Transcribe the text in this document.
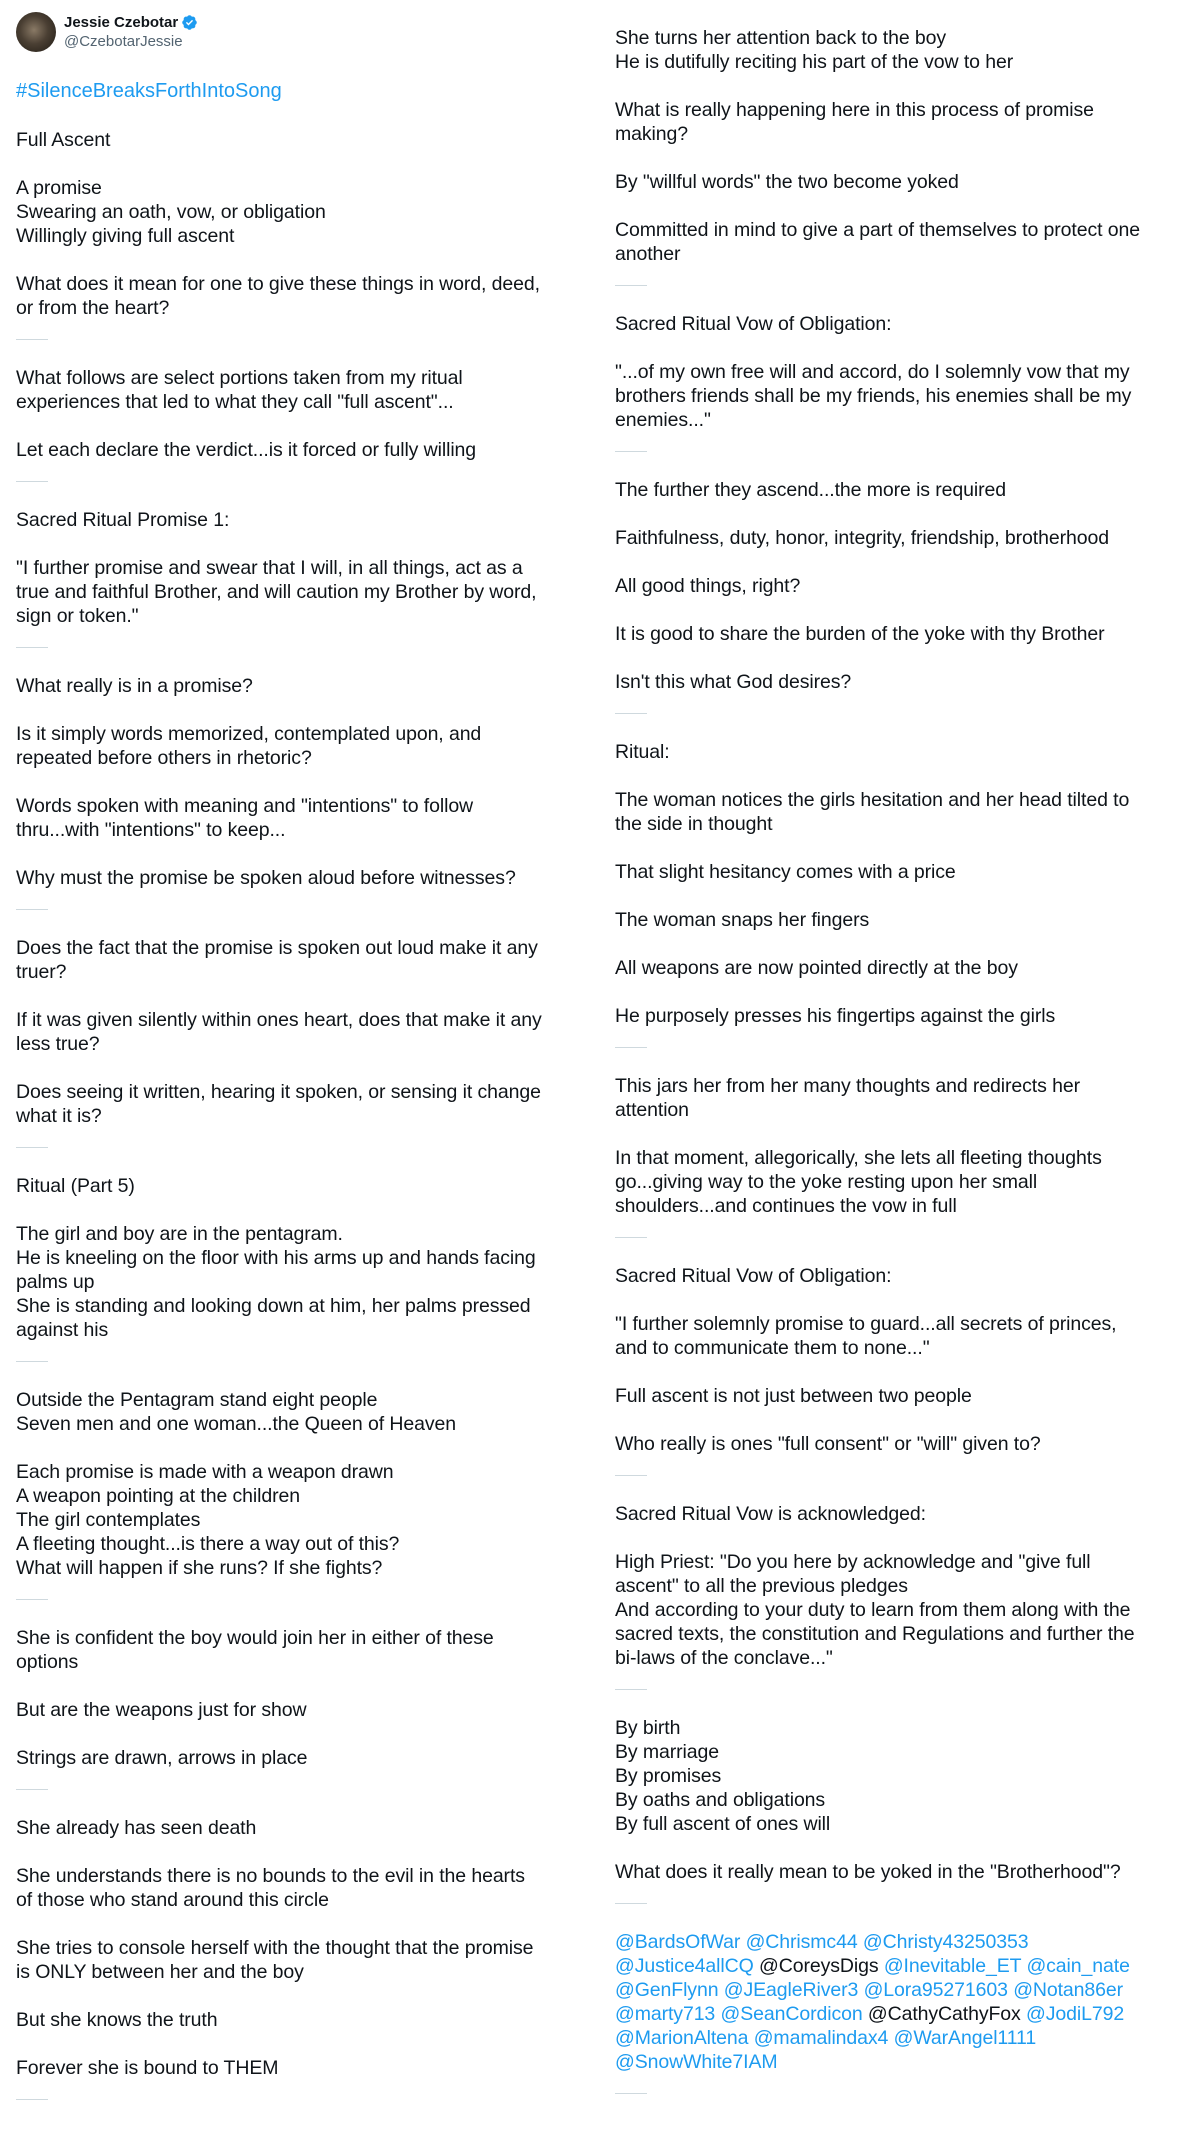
Jessie Czebotar
@CzebotarJessie
#SilenceBreaksForthIntoSong
Full Ascent
A promise
Swearing an oath, vow, or obligation
Willingly giving full ascent
What does it mean for one to give these things in word, deed,
or from the heart?
What follows are select portions taken from my ritual
experiences that led to what they call "full ascent"...
Let each declare the verdict...is it forced or fully willing
Sacred Ritual Promise 1:
"I further promise and swear that I will, in all things, act as a
true and faithful Brother, and will caution my Brother by word,
sign or token."
What really is in a promise?
Is it simply words memorized, contemplated upon, and
repeated before others in rhetoric?
Words spoken with meaning and "intentions" to follow
thru...with "intentions" to keep...
Why must the promise be spoken aloud before witnesses?
Does the fact that the promise is spoken out loud make it any
truer?
If it was given silently within ones heart, does that make it any
less true?
Does seeing it written, hearing it spoken, or sensing it change
what it is?
Ritual (Part 5)
The girl and boy are in the pentagram.
He is kneeling on the floor with his arms up and hands facing
palms up
She is standing and looking down at him, her palms pressed
against his
Outside the Pentagram stand eight people
Seven men and one woman...the Queen of Heaven
Each promise is made with a weapon drawn
A weapon pointing at the children
The girl contemplates
A fleeting thought...is there a way out of this?
What will happen if she runs? If she fights?
She is confident the boy would join her in either of these
options
But are the weapons just for show
Strings are drawn, arrows in place
She already has seen death
She understands there is no bounds to the evil in the hearts
of those who stand around this circle
She tries to console herself with the thought that the promise
is ONLY between her and the boy
But she knows the truth
Forever she is bound to THEM
She turns her attention back to the boy
He is dutifully reciting his part of the vow to her
What is really happening here in this process of promise
making?
By "willful words" the two become yoked
Committed in mind to give a part of themselves to protect one
another
Sacred Ritual Vow of Obligation:
"...of my own free will and accord, do I solemnly vow that my
brothers friends shall be my friends, his enemies shall be my
enemies..."
The further they ascend...the more is required
Faithfulness, duty, honor, integrity, friendship, brotherhood
All good things, right?
It is good to share the burden of the yoke with thy Brother
Isn't this what God desires?
Ritual:
The woman notices the girls hesitation and her head tilted to
the side in thought
That slight hesitancy comes with a price
The woman snaps her fingers
All weapons are now pointed directly at the boy
He purposely presses his fingertips against the girls
This jars her from her many thoughts and redirects her
attention
In that moment, allegorically, she lets all fleeting thoughts
go...giving way to the yoke resting upon her small
shoulders...and continues the vow in full
Sacred Ritual Vow of Obligation:
"I further solemnly promise to guard...all secrets of princes,
and to communicate them to none..."
Full ascent is not just between two people
Who really is ones "full consent" or "will" given to?
Sacred Ritual Vow is acknowledged:
High Priest: "Do you here by acknowledge and "give full
ascent" to all the previous pledges
And according to your duty to learn from them along with the
sacred texts, the constitution and Regulations and further the
bi-laws of the conclave..."
By birth
By marriage
By promises
By oaths and obligations
By full ascent of ones will
What does it really mean to be yoked in the "Brotherhood"?
@BardsOfWar @Chrismc44 @Christy43250353
@Justice4allCQ @CoreysDigs @Inevitable_ET @cain_nate
@GenFlynn @JEagleRiver3 @Lora95271603 @Notan86er
@marty713 @SeanCordicon @CathyCathyFox @JodiL792
@MarionAltena @mamalindax4 @WarAngel1111
@SnowWhite7IAM
